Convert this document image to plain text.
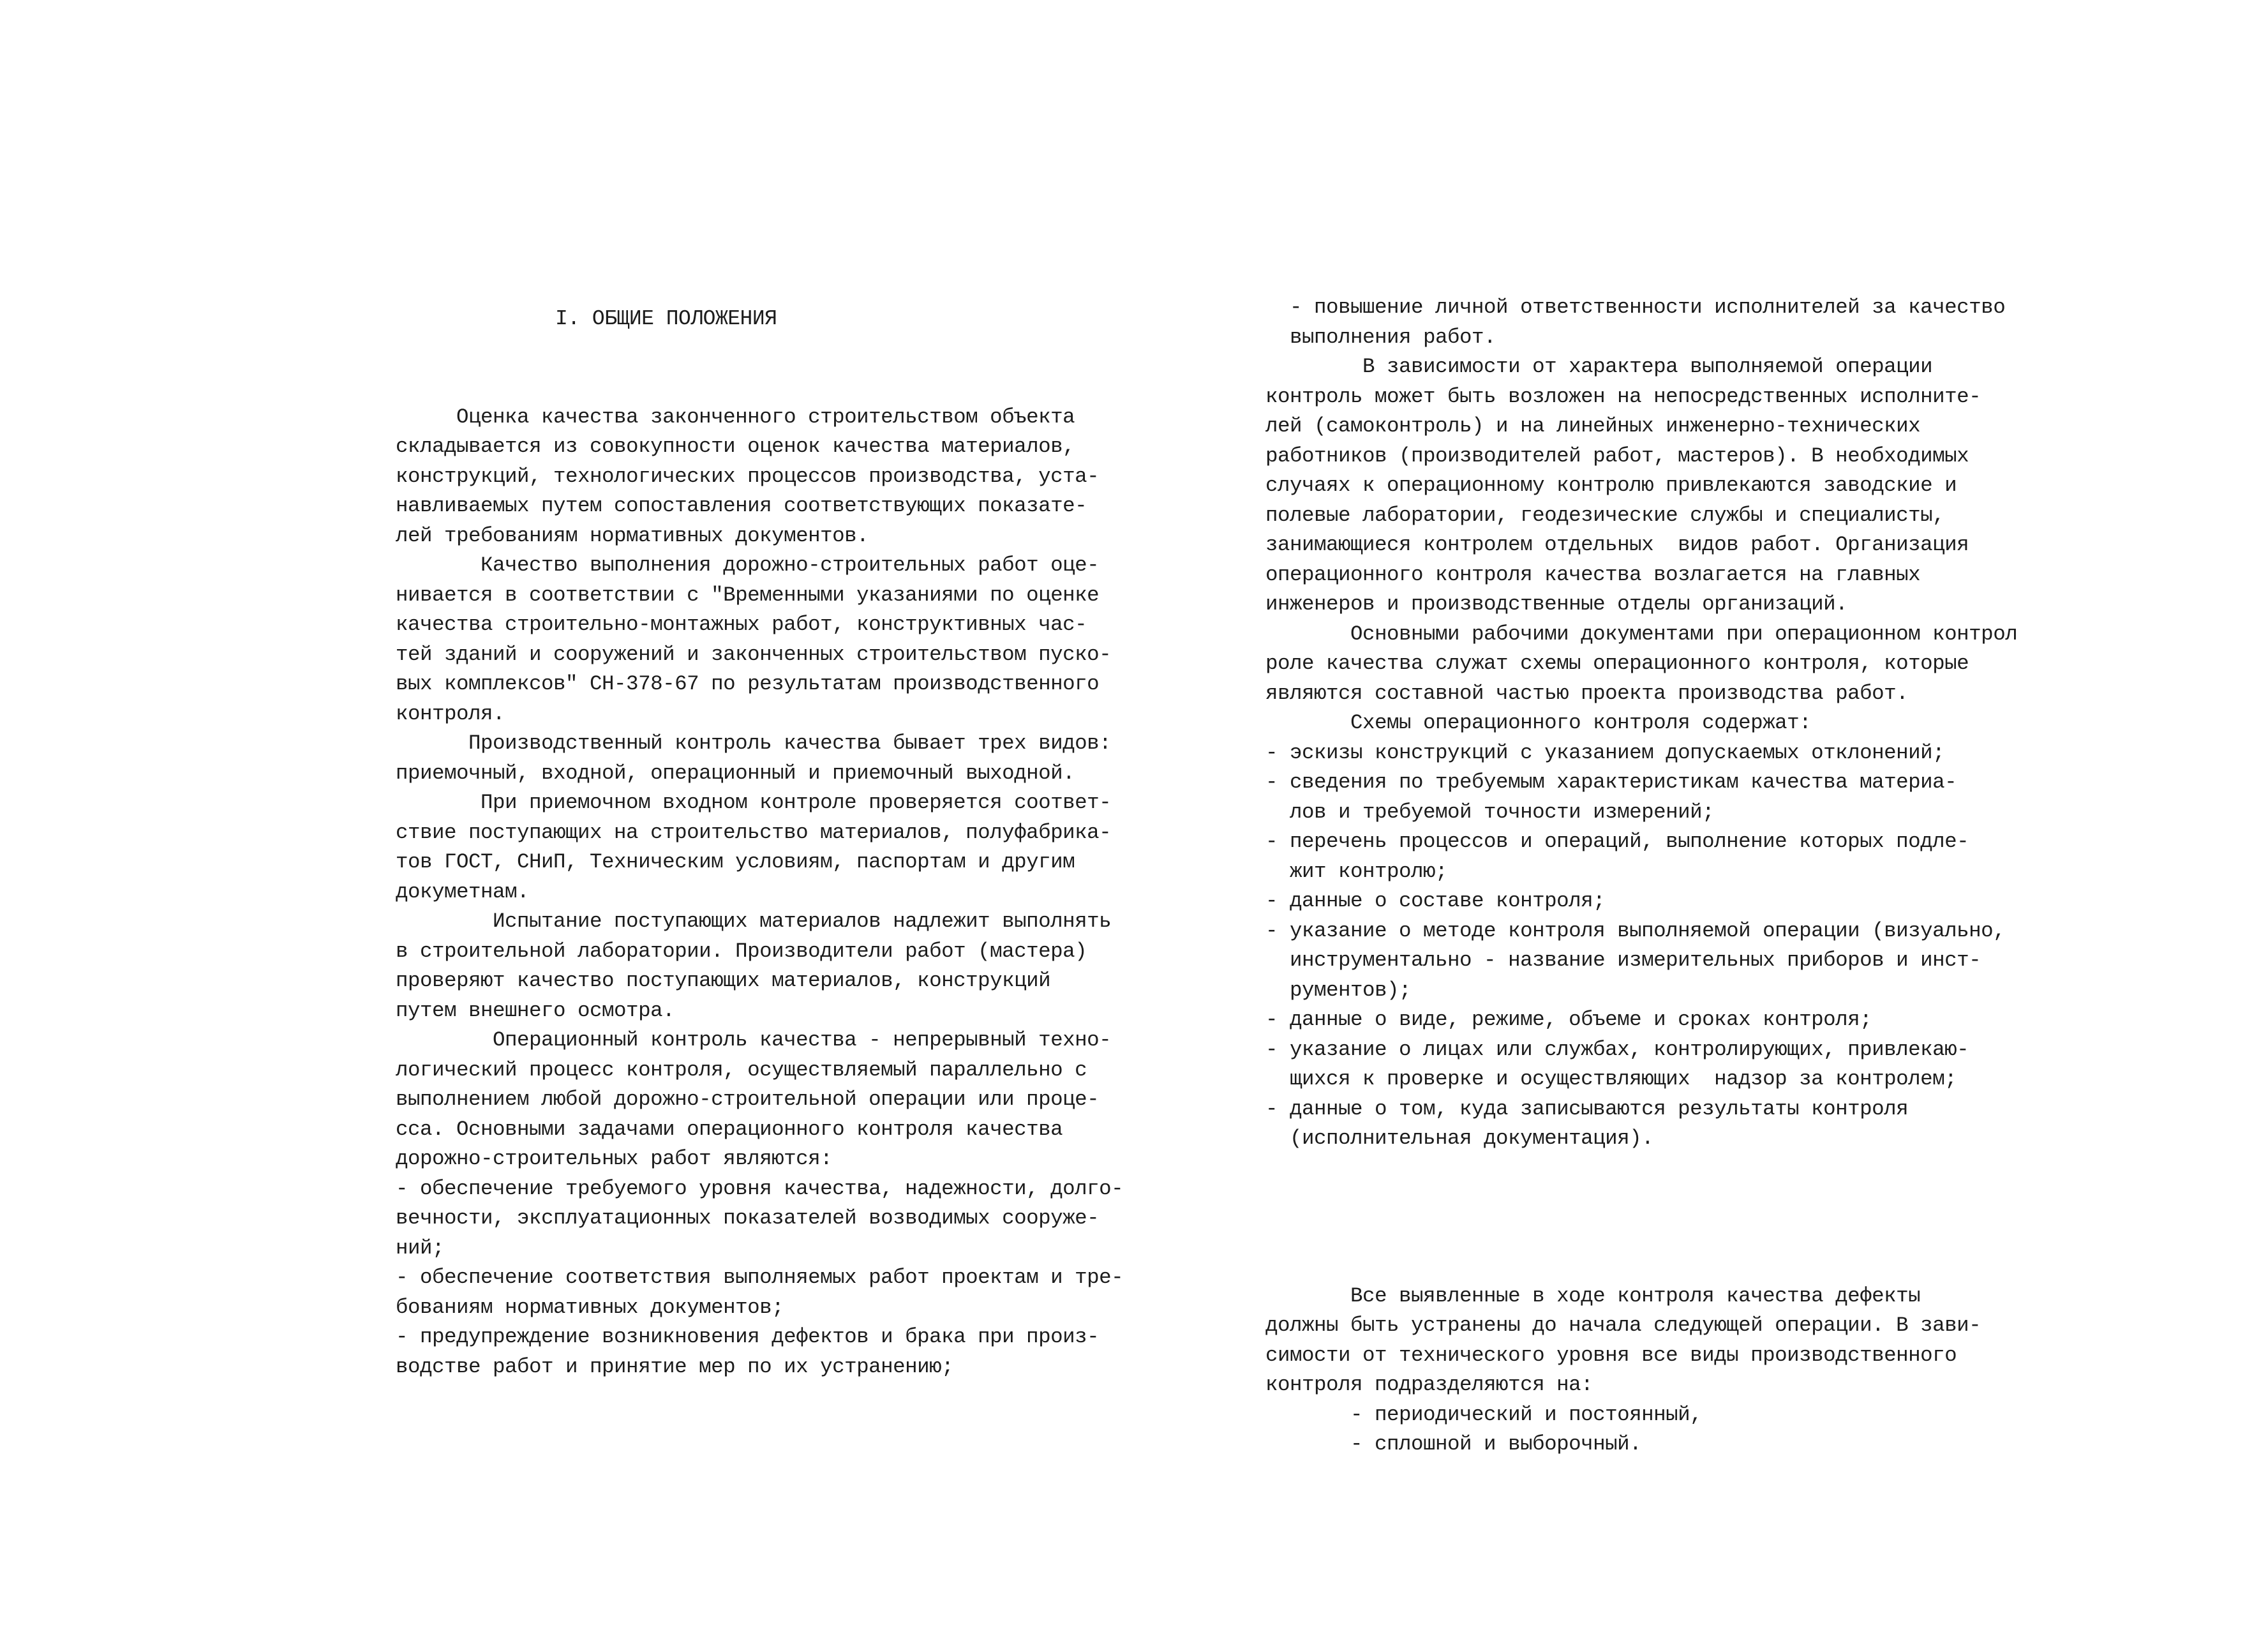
I. ОБЩИЕ ПОЛОЖЕНИЯ

Оценка качества законченного строительством объекта
складывается из совокупности оценок качества материалов,
конструкций, технологических процессов производства, уста-
навливаемых путем сопоставления соответствующих показате-
лей требованиям нормативных документов.
Качество выполнения дорожно-строительных работ оце-
нивается в соответствии с "Временными указаниями по оценке
качества строительно-монтажных работ, конструктивных час-
тей зданий и сооружений и законченных строительством пуско-
вых комплексов" СН-378-67 по результатам производственного
контроля.
Производственный контроль качества бывает трех видов:
приемочный, входной, операционный и приемочный выходной.
При приемочном входном контроле проверяется соответ-
ствие поступающих на строительство материалов, полуфабрика-
тов ГОСТ, СНиП, Техническим условиям, паспортам и другим
докуметнам.
Испытание поступающих материалов надлежит выполнять
в строительной лаборатории. Производители работ (мастера)
проверяют качество поступающих материалов, конструкций
путем внешнего осмотра.
Операционный контроль качества - непрерывный техно-
логический процесс контроля, осуществляемый параллельно с
выполнением любой дорожно-строительной операции или проце-
сса. Основными задачами операционного контроля качества
дорожно-строительных работ являются:
- обеспечение требуемого уровня качества, надежности, долго-
вечности, эксплуатационных показателей возводимых сооруже-
ний;
- обеспечение соответствия выполняемых работ проектам и тре-
бованиям нормативных документов;
- предупреждение возникновения дефектов и брака при произ-
водстве работ и принятие мер по их устранению;

- повышение личной ответственности исполнителей за качество
выполнения работ.
В зависимости от характера выполняемой операции
контроль может быть возложен на непосредственных исполните-
лей (самоконтроль) и на линейных инженерно-технических
работников (производителей работ, мастеров). В необходимых
случаях к операционному контролю привлекаются заводские и
полевые лаборатории, геодезические службы и специалисты,
занимающиеся контролем отдельных  видов работ. Организация
операционного контроля качества возлагается на главных
инженеров и производственные отделы организаций.
Основными рабочими документами при операционном контрол
роле качества служат схемы операционного контроля, которые
являются составной частью проекта производства работ.
Схемы операционного контроля содержат:
- эскизы конструкций с указанием допускаемых отклонений;
- сведения по требуемым характеристикам качества материа-
лов и требуемой точности измерений;
- перечень процессов и операций, выполнение которых подле-
жит контролю;
- данные о составе контроля;
- указание о методе контроля выполняемой операции (визуально,
инструментально - название измерительных приборов и инст-
рументов);
- данные о виде, режиме, объеме и сроках контроля;
- указание о лицах или службах, контролирующих, привлекаю-
щихся к проверке и осуществляющих  надзор за контролем;
- данные о том, куда записываются результаты контроля
(исполнительная документация).

Все выявленные в ходе контроля качества дефекты
должны быть устранены до начала следующей операции. В зави-
симости от технического уровня все виды производственного
контроля подразделяются на:
- периодический и постоянный,
- сплошной и выборочный.
